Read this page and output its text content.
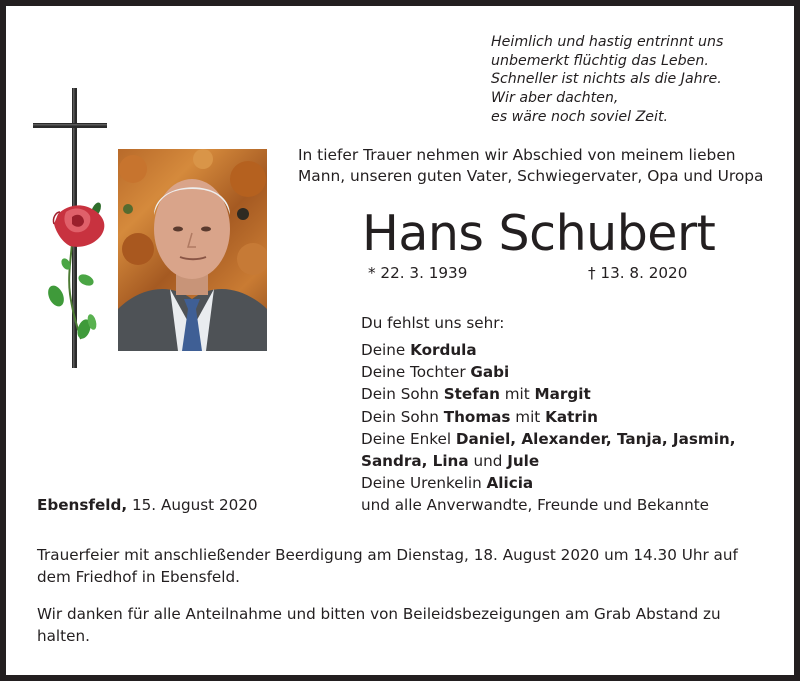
Heimlich und hastig entrinnt uns
unbemerkt flüchtig das Leben.
Schneller ist nichts als die Jahre.
Wir aber dachten,
es wäre noch soviel Zeit.
In tiefer Trauer nehmen wir Abschied von meinem lieben
Mann, unseren guten Vater, Schwiegervater, Opa und Uropa
Hans Schubert
* 22. 3. 1939	† 13. 8. 2020
Du fehlst uns sehr:
Deine Kordula
Deine Tochter Gabi
Dein Sohn Stefan mit Margit
Dein Sohn Thomas mit Katrin
Deine Enkel Daniel, Alexander, Tanja, Jasmin,
Sandra, Lina und Jule
Deine Urenkelin Alicia
und alle Anverwandte, Freunde und Bekannte
Ebensfeld, 15. August 2020
Trauerfeier mit anschließender Beerdigung am Dienstag, 18. August 2020 um 14.30 Uhr auf dem Friedhof in Ebensfeld.
Wir danken für alle Anteilnahme und bitten von Beileidsbezeigungen am Grab Abstand zu halten.
